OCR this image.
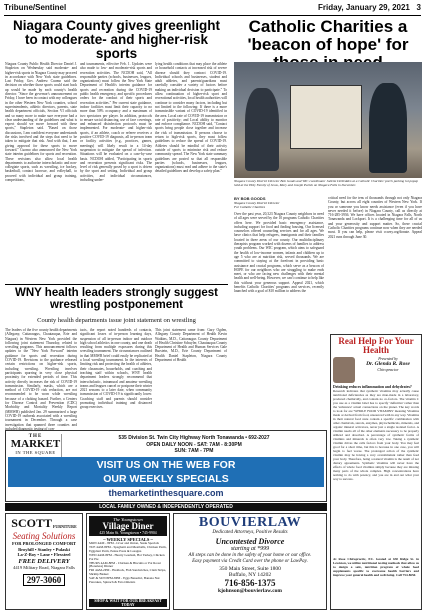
Tribune/Sentinel	Friday, January 29, 2021 3
Niagara County gives greenlight to moderate- and higher-risk sports
Niagara County Public Health Director Daniel J. Stapleton on Wednesday said moderate- and higher-risk sports in Niagara County may proceed in accordance with New York state guidelines. Last Friday, Gov. Andrew Cuomo said the decision on whether those sports could start back up would be made by each county's health director. "Since the governor's announcement on Friday, I have been in contact with my colleagues in the other Western New York counties, school superintendents, athletic directors, parents, state health department officials, Section VI officials and so many more to make sure everyone had a clear understanding of the guidelines and what is expect should we move forward with these sports," Stapleton said. "Based on those discussions, I am confident everyone understands the risks involved and the steps that need to be taken to mitigate that risk. And with that, I am giving approval for these sports to move forward." Cuomo also announced the New York state interim guidelines for sports and recreation. These revisions also allow local health departments to authorize interscholastic and non-collegiate sports, such as wrestling, ice hockey, basketball, contact lacrosse, and volleyball, to proceed with individual and group training, competitions,
and tournaments, effective Feb. 1. Updates were also made to low- and moderate-risk sports and recreation activities. The NCDOH said, "All responsible parties (schools, businesses, leagues, organizations) must follow the New York State Department of Health's interim guidance for sports and recreation during the COVID-19 public health emergency, and specific procedures orders for the conduct of their sports and recreation activities." Per current state guidance, indoor facilities must limit their capacity to no more than 50% occupancy and a maximum of two spectators per player. In addition, protocols to ensure social distancing, use of face coverings, and enhanced disinfection protocols must be implemented. For moderate- and higher-risk sports, if an athlete, coach or referee receives a positive COVID-19 diagnosis, all in-person team or facility activities (e.g., practices, games, meetings) will likely result in a 14-day suspension to mitigate the spread of infection. Situations will be evaluated on a case-by-case basis. NCDOH added, "Participating in sports and recreation presents significant risks. The level of risk generally posed by a sport is driven by the sport and setting. Individual and group activities, and individual circumstances, including under-
lying health conditions that may place the athlete or household contacts at increased risk of severe disease should they contract COVID-19. Individual schools and businesses, student and adult athletes, and parents/guardians must carefully consider a variety of factors before making an individual decision to participate." To allow continuation of higher-risk sport and recreational activities, local health authorities will continue to consider many factors, including but not limited to the following: If there is a more transmissible variant of COVID-19 identified in the area. Local rate of COVID-19 transmission or rate of positivity; and Local ability to monitor and enforce compliance. NCDOH said, "Contact sports bring people close together and increase the risk of transmission. If persons choose to return to high-risk sports, they must follow guidelines to reduce the spread of COVID-19. Athletes should be mindful of their activity outside of sports to minimize risk and reduce community spread. The New York state summary guidelines are posted so that all responsible parties (schools, businesses, leagues, organizations) must read and adhere to the state's detailed guidelines and develop a safety plan."
Catholic Charities a 'beacon of hope' for
Niagara County District Director Bob Goods and WIC coordinator Juliette DeNedden at a Catholic Charities' porch parking lot popup held at the Holy Family of Jesus, Mary and Joseph Parish on Niagara Falls in December.
BY BOB GOODS
Niagara County District Director
For Catholic Charities
Over the past year, 20,323 Niagara County neighbors in need of all ages were served by the 10 programs Catholic Charities offers here. We provided basic emergency assistance, including support for food and finding housing. Our licensed counselors offered counseling services and for all ages. We have clinics that help refugees, immigrants and their families located in three areas of our county. Our multidisciplinary therapists program worked with dozens of families to address youth problems. Our WIC program, which aims to safeguard the health of low-income women, infants and children up to age 5 who are at nutrition risk, served thousands. We are committed to staying at the forefront in providing basic assistance and crucial programs, which serve as a beacon of HOPE for our neighbors who are struggling to make ends meet, or who are facing new challenges with their mental health and well-being. However, we can't continue to help like this without your generous support. Appeal 2021, which benefits Catholic Charities' programs and services, recently launched with a goal of $10 million to address the
critical need for the tens of thousands through not only Niagara County, but across all eight counties of Western New York. If you or someone you know needs assistance (even if you have never needed it before) in Niagara County, call us directly at 716-285-3936. We have offices located in Niagara Falls, North Tonawanda and Lockport. It is a challenging time for all of us and your generosity and support matter. So, these crucial Catholic Charities programs continue now when they are needed most. If you can help, please visit ccwny.org/donate. Appeal 2021 runs through June 30.
WNY health leaders strongly suggest wrestling postponement
County health departments issue joint statement on wrestling
The leaders of the five county health departments (Allegany, Cattaraugus, Chautauqua, Erie and Niagara) in Western New York provided the following joint statement Thursday, related to wrestling programs. This announcement follows updates to the "New York Forward" interim guidance for sports and recreation during COVID-19. Revisions to the guidance released certain restrictions on higher-risk sports, including wrestling. Wrestling involves participants sparring in very close physical proximity for extended periods of time. This activity directly increases the risk of COVID-19 transmission. Similarly, masks, which are a method of COVID-19 risk reduction, are not recommended to be worn while wrestling because of a choking hazard. Further, a Centers for Disease Control and Prevention (CDC) Morbidity and Mortality Weekly Report (MMWR) published Jan. 29 summarized a large COVID-19 outbreak associated with a wrestling tournament in December. Through a case investigation that spanned three counties and included diagnostic testing of con-
tacts, the report noted hundreds of contacts, significant losses of in-person learning days, suspension of all in-person indoor and outdoor high school athletics in one county, and one death resulting from multiple exposures during this wrestling tournament. The circumstances outlined in that MMWR brief could easily be replicated at a local wrestling tournament. In the interests of limiting risk and protecting the health of athletes, their classmates, households, and coaching and teaching staff within schools, WNY health department leaders strongly recommend that interscholastic, intramural and amateur wrestling teams and leagues cancel or postpone their winter 2021 seasons to a later date, when community transmission of COVID-19 is significantly lower. Coaching staff and parents should consider promoting individual training and distanced group exercises.
This joint statement came from: Gary Ogden, Allegany County Department of Health Kevin Watkins, M.D., Cattaraugus County Department of Health Christine Schuyler, Chautauqua County Department of Health and Human Services Gale Burstein, M.D., Erie County Department of Health Daniel Stapleton, Niagara County Department of Health
Real Help For Your Health
Presented by
Dr. Glenda R. Rose
Chiropractor
Drinking reduces inflammation and dehydrates?
Research indicates that synthetic vitamins may actually cause nutritional deficiencies as they are man-made in a laboratory, produced chemically, and contain no co-factors. The vitamin C you use as a vitamin label has to specify 'definitive' rather than the 'substance' actual connections on the planet. The key words to look for are 'WHOLE FOOD VITAMINS' meaning Vitamins made or derived from food, unsourced with in any way. Vitamins in their natural food state contain a specific combination with other chemicals, sterols, enzymes, phytochemicals, minerals, and organic mineral activators, never just a single isolated factor. A vitamin needs all of the other elements necessary to be properly utilized and absorbed. A percentage of synthetic forms of vitamins and minerals is often very low. Taking a synthetic vitamin drives the cells factors from your body. You may feel good for a short time, but this is because in one case, you will begin to feel worse. The prolonged action of the synthetic vitamin may be having a very overstimulant rather than feed your body. Therefore, being a natural vitamin is the result of not dietary agreements. Synthetic vitamins will never have the effects of whole food vitamins simply because they are missing many parts of the whole complex. High concentrations have nothing to do with potency, and you are in and out what your way to success.
At Rose Chiropractic, P.C. located at 630 Ridge St. in Lewiston, we utilize nutritional testing methods that allow us to design a safe, nutrition program of whole food supplements specific to overcome health barriers and improve your general health and well-being. Call 754-8650.
THE
MARKET
IN THE SQUARE
535 Division St. Twin City Highway North Tonawanda • 692-2027
OPEN DAILY NOON - SAT: 7AM - 8:30PM
SUN: 7AM - 7PM
VISIT US ON THE WEB FOR
OUR WEEKLY SPECIALS
themarketinthesquare.com
LOCAL FAMILY OWNED & INDEPENDENTLY OPERATED
SCOTT FURNITURE
Seating Solutions
FOR PROLONGED COMFORT
Broyhill • Stanley • Pulaski
La-Z-Boy • Lane • Flexsteel
FREE DELIVERY
4419 Military Road, Niagara Falls
297-3060
The Youngstown
Village Diner
425 Main St. Youngstown • 745-9904
~ WEEKLY SPECIALS ~
MON 4AM - 8PM - Liver and Onion, Steak Specials
TUE 4AM-8PM - Spaghetti and Meatballs, Chicken Parm, Eggplant Parm, Penne Pasta & Lasagna
WED 4AM-8PM - Hearty Goulash, Hot Turkey, Chicken Pot Pie
THURS 4AM-8PM - Chicken & Biscuits or Pot Roast (Boneless) Dinner
FRI 4AM-2PM - Haddock, Fish Sandwiches, Clam Strips, Shrimp Basket
SAT & SUN 8PM-8PM - Eggs Benedict, Banana Nut Pancakes, Spinach & Feta Omelets
SHOP & WAIT FOR OUR BREAKFAST TODAY
BOUVIERLAW
Dedicated Attorneys, Positive Results
Uncontested Divorce
starting at *999
All steps can be done in the safety of your home or our office.
Easy payment via Credit Card over the phone or LawPay.
350 Main Street, Suite 1800
Buffalo, NY 14202
716-856-1375
kjohnson@bouvierlaw.com
